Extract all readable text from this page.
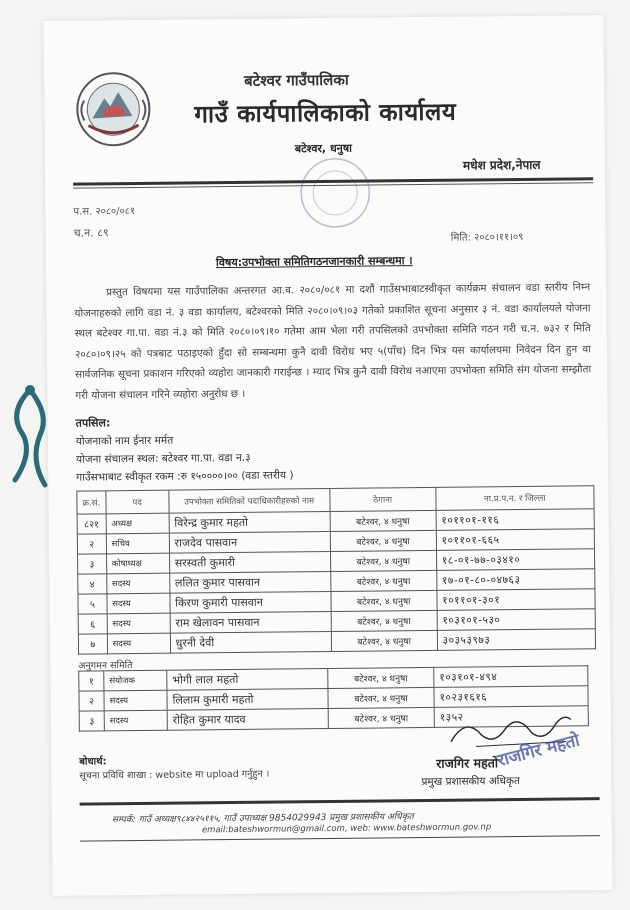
बटेश्वर गाउँपालिका
गाउँ कार्यपालिकाको कार्यालय
बटेश्वर, धनुषा
मधेश प्रदेश,नेपाल
प.स. २०८०/०८१
च.न. ८९	मिति: २०८०।११।०९
विषय:उपभोक्ता समितिगठनजानकारी सम्बन्धमा ।

प्रस्तुत विषयमा यस गाउँपालिका अन्तरगत आ.व. २०८०/०८१ मा दशौं गाउँसभाबाटस्वीकृत कार्यक्रम संचालन वडा स्तरीय निम्न योजनाहरुको लागि वडा नं. ३ वडा कार्यालय, बटेश्वरको मिति २०८०।०९।०३ गतेको प्रकाशित सूचना अनुसार ३ नं. वडा कार्यालयले योजना स्थल बटेश्वर गा.पा. वडा नं.३ को मिति २०८०।०९।१० गतेमा आम भेला गरी तपसिलको उपभोक्ता समिति गठन गरी च.न. ७३२ र मिति २०८०।०९।२५ को पत्रबाट पठाइएको हुँदा सो सम्बन्धमा कुनै दावी विरोध भए ५(पाँच) दिन भित्र यस कार्यालयमा निवेदन दिन हुन वा सार्वजनिक सूचना प्रकाशन गरिएको व्यहोरा जानकारी गराईन्छ । म्याद भित्र कुनै दावी विरोध नआएमा उपभोक्ता समिति संग योजना सम्झौता गरी योजना संचालन गरिने व्यहोरा अनुरोध छ ।

तपसिल:
योजनाको नाम ईनार मर्मत
योजना संचालन स्थल: बटेश्वर गा.पा. वडा न.३
गाउँसभाबाट स्वीकृत रकम :रु १५००००।०० (वडा स्तरीय )
क्र.सं.	पद	उपभोक्ता समितिको पदाधिकारीहरुको नाम	ठेगाना	ना.प्र.प.न. र जिल्ला
८२१	अध्यक्ष	विरेन्द्र कुमार महतो	बटेश्वर, ४ धनुषा	१०११०१-११६
२	सचिव	राजदेव पासवान	बटेश्वर, ४ धनुषा	१०११०१-६६५
३	कोषाध्यक्ष	सरस्वती कुमारी	बटेश्वर, ४ धनुषा	१८-०१-७७-०३४१०
४	सदस्य	ललित कुमार पासवान	बटेश्वर, ४ धनुषा	१७-०१-८०-०४७६३
५	सदस्य	किरण कुमारी पासवान	बटेश्वर, ४ धनुषा	१०११०१-३०१
६	सदस्य	राम खेलावन पासवान	बटेश्वर, ४ धनुषा	१०३१०१-५३०
७	सदस्य	धुरनी देवी	बटेश्वर, ४ धनुषा	३०३५३९७३
अनुगमन समिति
१	संयोजक	भोगी लाल महतो	बटेश्वर, ४ धनुषा	१०३१०१-४९४
२	सदस्य	लिलाम कुमारी महतो	बटेश्वर, ४ धनुषा	१०२३१६१६
३	सदस्य	रोहित कुमार यादव	बटेश्वर, ४ धनुषा	१३५२
बोधार्थ:
सूचना प्रविधि शाखा : website मा upload गर्नुहुन ।
राजगिर महतो
प्रमुख प्रशासकीय अधिकृत
राजगिर महतो
सम्पर्क: गाउँ अध्यक्ष९८४४२५११५, गाउँ उपाध्यक्ष 9854029943 प्रमुख प्रशासकीय अधिकृत
email:bateshwormun@gmail.com, web: www.bateshwormun.gov.np
